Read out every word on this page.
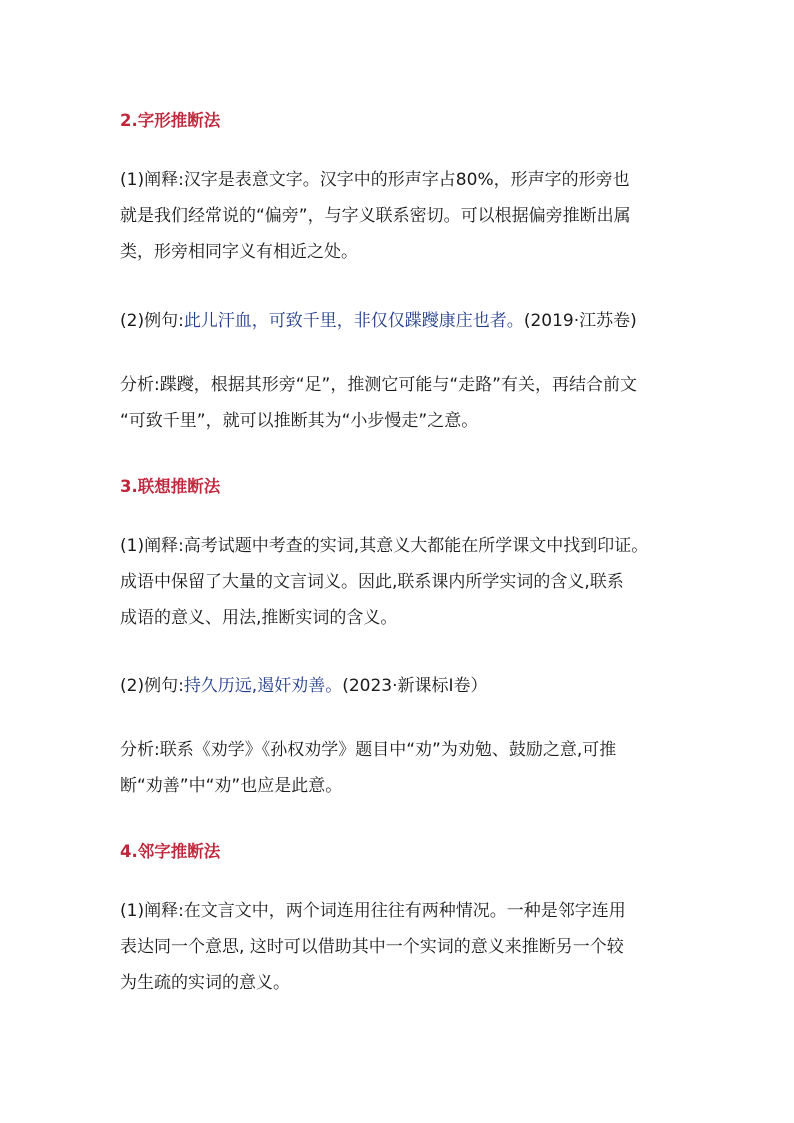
2.字形推断法
(1)阐释:汉字是表意文字。汉字中的形声字占80%，形声字的形旁也
就是我们经常说的“偏旁”，与字义联系密切。可以根据偏旁推断出属
类，形旁相同字义有相近之处。
(2)例句:此儿汗血，可致千里，非仅仅蹀躞康庄也者。(2019·江苏卷)
分析:蹀躞，根据其形旁“足”，推测它可能与“走路”有关，再结合前文
“可致千里”，就可以推断其为“小步慢走”之意。
3.联想推断法
(1)阐释:高考试题中考查的实词,其意义大都能在所学课文中找到印证。
成语中保留了大量的文言词义。因此,联系课内所学实词的含义,联系
成语的意义、用法,推断实词的含义。
(2)例句:持久历远,遏奸劝善。(2023·新课标Ⅰ卷）
分析:联系《劝学》《孙权劝学》题目中“劝”为劝勉、鼓励之意,可推
断“劝善”中“劝”也应是此意。
4.邻字推断法
(1)阐释:在文言文中，两个词连用往往有两种情况。一种是邻字连用
表达同一个意思, 这时可以借助其中一个实词的意义来推断另一个较
为生疏的实词的意义。
